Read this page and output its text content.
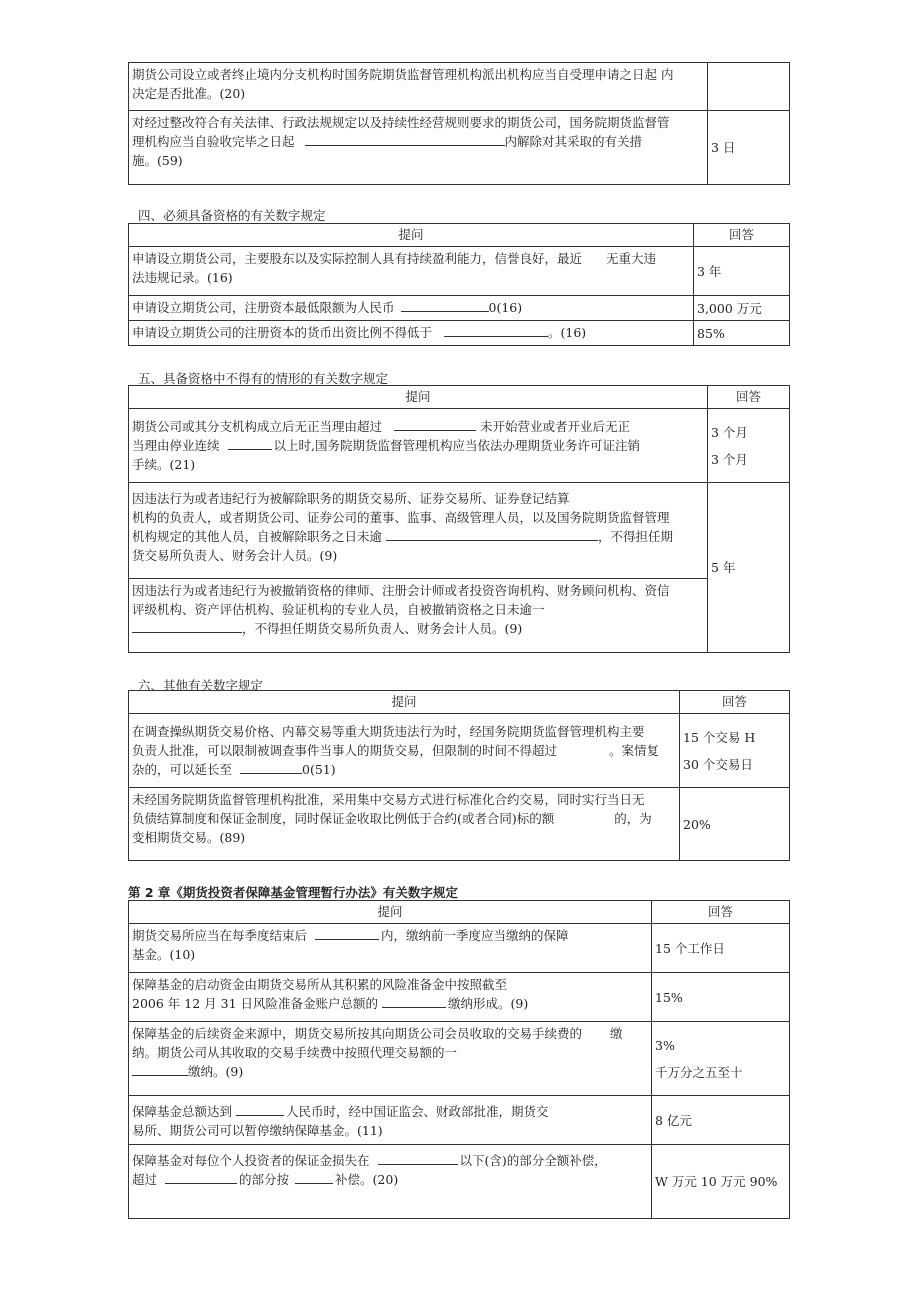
期货公司设立或者终止境内分支机构时国务院期货监督管理机构派出机构应当自受理申请之日起 内
决定是否批准。(20)	

对经过整改符合有关法律、行政法规规定以及持续性经营规则要求的期货公司，国务院期货监督管
理机构应当自验收完毕之日起 内解除对其采取的有关措
施。(59)	3 日
四、必须具备资格的有关数字规定
提问	回答

申请设立期货公司，主要股东以及实际控制人具有持续盈利能力，信誉良好，最近 无重大违
法违规记录。(16)	3 年
申请设立期货公司，注册资本最低限额为人民币 0(16)	3,000 万元
申请设立期货公司的注册资本的货币出资比例不得低于 。(16)	85%
五、具备资格中不得有的情形的有关数字规定
提问	回答

期货公司或其分支机构成立后无正当理由超过 未开始营业或者开业后无正
当理由停业连续 以上时,国务院期货监督管理机构应当依法办理期货业务许可证注销
手续。(21)	3 个月
3 个月

因违法行为或者违纪行为被解除职务的期货交易所、证券交易所、证券登记结算
机构的负责人，或者期货公司、证券公司的董事、监事、高级管理人员，以及国务院期货监督管理
机构规定的其他人员，自被解除职务之日未逾 ，不得担任期
货交易所负责人、财务会计人员。(9)	5 年

因违法行为或者违纪行为被撤销资格的律师、注册会计师或者投资咨询机构、财务顾问机构、资信
评级机构、资产评估机构、验证机构的专业人员，自被撤销资格之日未逾一
，不得担任期货交易所负责人、财务会计人员。(9)	
六、其他有关数字规定
提问	回答

在调查操纵期货交易价格、内幕交易等重大期货违法行为时，经国务院期货监督管理机构主要
负责人批准，可以限制被调查事件当事人的期货交易，但限制的时间不得超过 。案情复
杂的，可以延长至 0(51)	15 个交易 H
30 个交易日

未经国务院期货监督管理机构批准，采用集中交易方式进行标准化合约交易，同时实行当日无
负债结算制度和保证金制度，同时保证金收取比例低于合约(或者合同)标的额 的，为
变相期货交易。(89)	20%
第 2 章《期货投资者保障基金管理暂行办法》有关数字规定
提问	回答

期货交易所应当在每季度结束后 内，缴纳前一季度应当缴纳的保障
基金。(10)	15 个工作日

保障基金的启动资金由期货交易所从其积累的风险准备金中按照截至
2006 年 12 月 31 日风险准备金账户总额的 缴纳形成。(9)	15%

保障基金的后续资金来源中，期货交易所按其向期货公司会员收取的交易手续费的 缴
纳。期货公司从其收取的交易手续费中按照代理交易额的一
缴纳。(9)	3%
千万分之五至十

保障基金总额达到 人民币时，经中国证监会、财政部批准，期货交
易所、期货公司可以暂停缴纳保障基金。(11)	8 亿元

保障基金对每位个人投资者的保证金损失在 以下(含)的部分全额补偿，
超过 的部分按 补偿。(20)	W 万元 10 万元 90%
